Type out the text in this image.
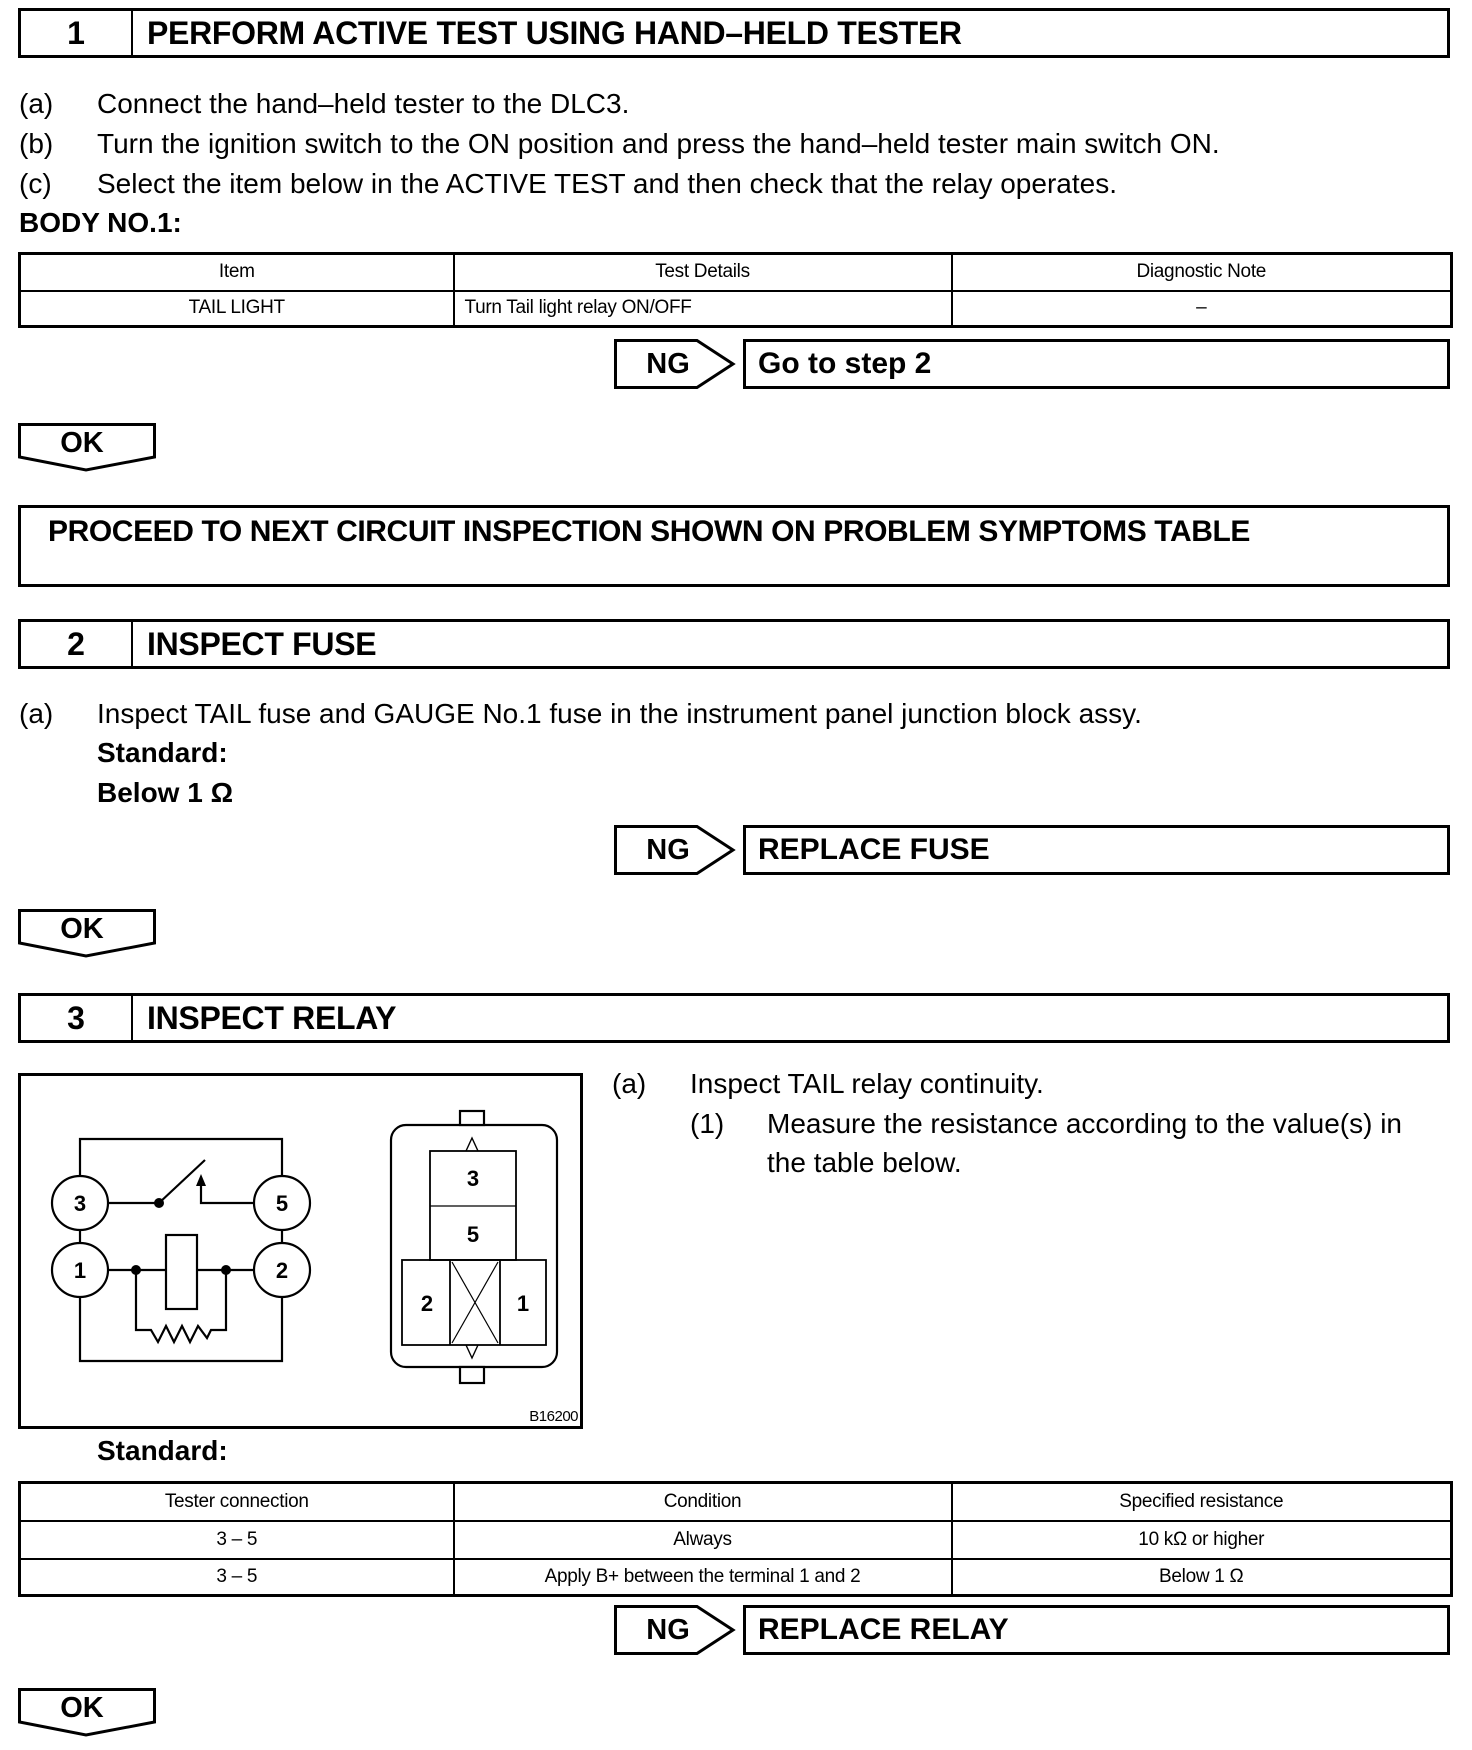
1	PERFORM ACTIVE TEST USING HAND–HELD TESTER
(a) Connect the hand–held tester to the DLC3.
(b) Turn the ignition switch to the ON position and press the hand–held tester main switch ON.
(c) Select the item below in the ACTIVE TEST and then check that the relay operates.
BODY NO.1:
Item	Test Details	Diagnostic Note
TAIL LIGHT	Turn Tail light relay ON/OFF	–
NG	Go to step 2
OK
PROCEED TO NEXT CIRCUIT INSPECTION SHOWN ON PROBLEM SYMPTOMS TABLE
2	INSPECT FUSE
(a) Inspect TAIL fuse and GAUGE No.1 fuse in the instrument panel junction block assy.
Standard:
Below 1 Ω
NG	REPLACE FUSE
OK
3	INSPECT RELAY
3	5
1	2
3
5
2	1
B16200
(a) Inspect TAIL relay continuity.
(1) Measure the resistance according to the value(s) in
the table below.
Standard:
Tester connection	Condition	Specified resistance
3 – 5	Always	10 kΩ or higher
3 – 5	Apply B+ between the terminal 1 and 2	Below 1 Ω
NG	REPLACE RELAY
OK
